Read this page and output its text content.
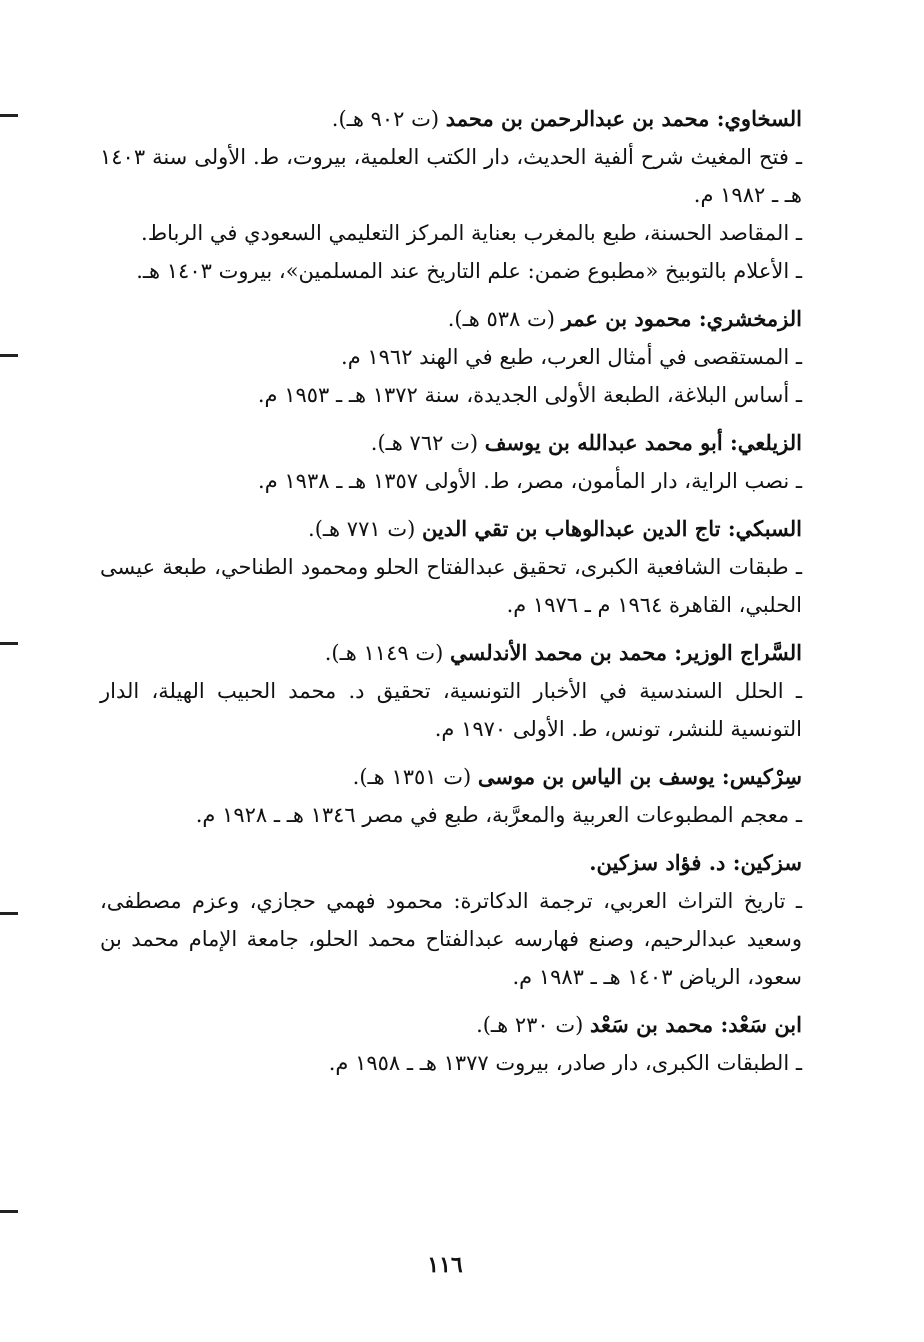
السخاوي: محمد بن عبدالرحمن بن محمد (ت ٩٠٢ هـ).

ـ فتح المغيث شرح ألفية الحديث، دار الكتب العلمية، بيروت، ط. الأولى سنة ١٤٠٣ هـ ـ ١٩٨٢ م.

ـ المقاصد الحسنة، طبع بالمغرب بعناية المركز التعليمي السعودي في الرباط.

ـ الأعلام بالتوبيخ «مطبوع ضمن: علم التاريخ عند المسلمين»، بيروت ١٤٠٣ هـ.

الزمخشري: محمود بن عمر (ت ٥٣٨ هـ).

ـ المستقصى في أمثال العرب، طبع في الهند ١٩٦٢ م.

ـ أساس البلاغة، الطبعة الأولى الجديدة، سنة ١٣٧٢ هـ ـ ١٩٥٣ م.

الزيلعي: أبو محمد عبدالله بن يوسف (ت ٧٦٢ هـ).

ـ نصب الراية، دار المأمون، مصر، ط. الأولى ١٣٥٧ هـ ـ ١٩٣٨ م.

السبكي: تاج الدين عبدالوهاب بن تقي الدين (ت ٧٧١ هـ).

ـ طبقات الشافعية الكبرى، تحقيق عبدالفتاح الحلو ومحمود الطناحي، طبعة عيسى الحلبي، القاهرة ١٩٦٤ م ـ ١٩٧٦ م.

السَّراج الوزير: محمد بن محمد الأندلسي (ت ١١٤٩ هـ).

ـ الحلل السندسية في الأخبار التونسية، تحقيق د. محمد الحبيب الهيلة، الدار التونسية للنشر، تونس، ط. الأولى ١٩٧٠ م.

سِرْكيس: يوسف بن الياس بن موسى (ت ١٣٥١ هـ).

ـ معجم المطبوعات العربية والمعرَّبة، طبع في مصر ١٣٤٦ هـ ـ ١٩٢٨ م.

سزكين: د. فؤاد سزكين.

ـ تاريخ التراث العربي، ترجمة الدكاترة: محمود فهمي حجازي، وعزم مصطفى، وسعيد عبدالرحيم، وصنع فهارسه عبدالفتاح محمد الحلو، جامعة الإمام محمد بن سعود، الرياض ١٤٠٣ هـ ـ ١٩٨٣ م.

ابن سَعْد: محمد بن سَعْد (ت ٢٣٠ هـ).

ـ الطبقات الكبرى، دار صادر، بيروت ١٣٧٧ هـ ـ ١٩٥٨ م.

١١٦
